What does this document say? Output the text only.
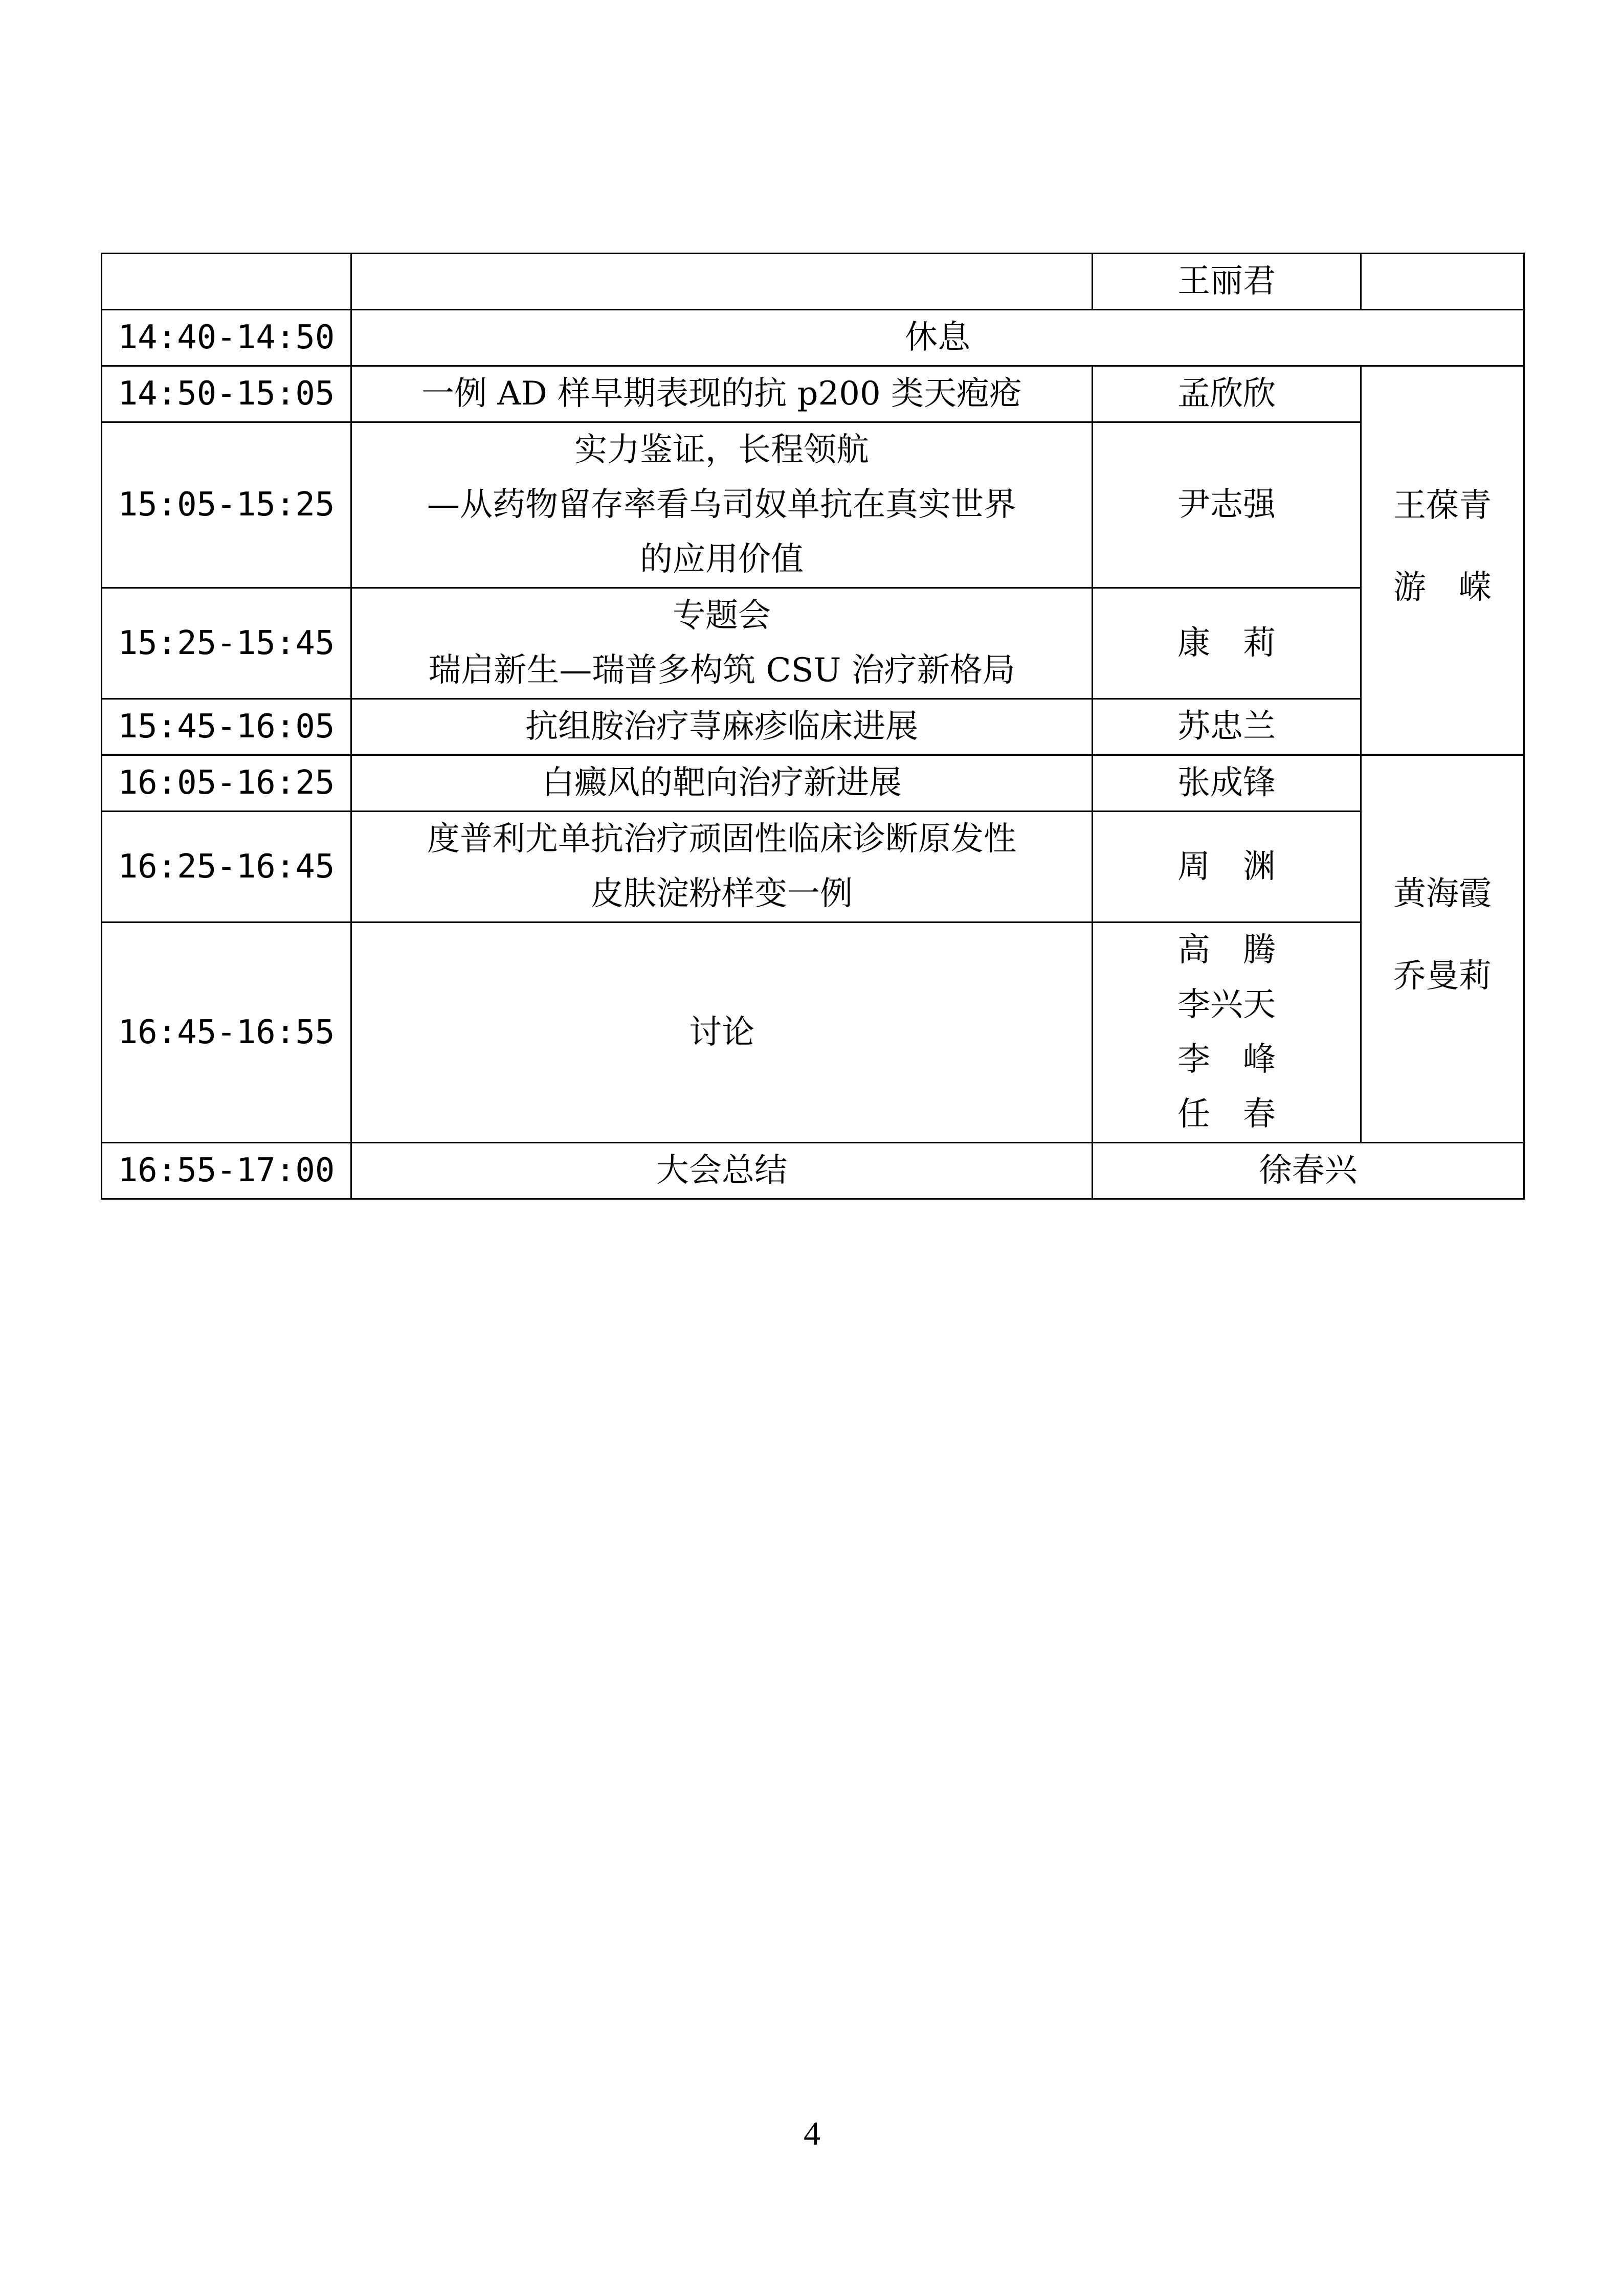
		王丽君	

14:40-14:50	休息		

14:50-15:05	一例 AD 样早期表现的抗 p200 类天疱疮	孟欣欣	王葆青
游　嵘

15:05-15:25	实力鉴证，长程领航
—从药物留存率看乌司奴单抗在真实世界
的应用价值	尹志强	

15:25-15:45	专题会
瑞启新生—瑞普多构筑 CSU 治疗新格局	康　莉	

15:45-16:05	抗组胺治疗荨麻疹临床进展	苏忠兰	

16:05-16:25	白癜风的靶向治疗新进展	张成锋	黄海霞
乔曼莉

16:25-16:45	度普利尤单抗治疗顽固性临床诊断原发性
皮肤淀粉样变一例	周　渊	

16:45-16:55	讨论	高　腾
李兴天
李　峰
任　春	

16:55-17:00	大会总结	徐春兴	
4
